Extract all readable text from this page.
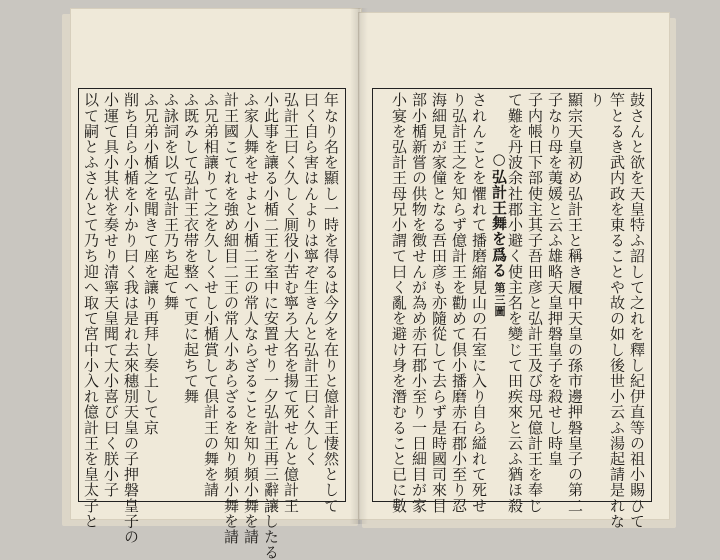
鼓さんと欲を天皇特ふ詔して之れを釋し紀伊直等の祖小賜ひて
竿とるき武内政を東ることや故の如し後世小云ふ湯起請是れな
り
顯宗天皇初め弘計王と稱き履中天皇の孫市邊押磐皇子の第二
子なり母を荑媛と云ふ雄略天皇押磐皇子を殺せし時皇
子内帳日下部使主其子吾田彦と弘計王及び母兄億計王を奉じ
て難を丹波余社郡小避く使主名を變じて田疾來と云ふ猶ほ殺
○弘計王舞を爲る第三圖
されんことを懼れて播磨縮見山の石室に入り自ら縊れて死せ
り弘計王之を知らず億計王を勸めて倶小播磨赤石郡小至り忍
海細見が家僮となる吾田彦も亦隨從して去らず是時國司來目
部小楯新嘗の供物を徴せんが為め赤石郡小至り一日細目が家
小宴を弘計王母兄小謂て曰く亂を避け身を潛むること已に數
年なり名を顯し一時を得るは今夕を在りと億計王悽然として
曰く自ら害はんよりは寧ぞ生きんと弘計王曰く久しく
弘計王曰く久しく厠役小苦む寧ろ大名を揚て死せんと億計王
小此事を讓る小楯二王を室中に安置せり一夕弘計王再三辭讓したる
ふ家人舞をせよと小楯二王の常人ならざることを知り頻小舞を請
計王國こてれを強め細目二王の常人小あらざるを知り頻小舞を請
ふ兄弟相讓りて之を久しくせし小楯賞して倶計王の舞を請
ふ既みして弘計王衣帯を整へて更に起ちて舞
ふ詠詞を以て弘計王乃ち起て舞
ふ兄弟小楯之を聞きて座を讓り再拜し奏上して京
削ち自ら小楯を小かり曰く我は是れ去來穗別天皇の子押磐皇子の
小運て具小其状を奏せり清寧天皇聞て大小喜び曰く朕小子
以て嗣とふさんとて乃ち迎へ取て宮中小入れ億計王を皇太子と
